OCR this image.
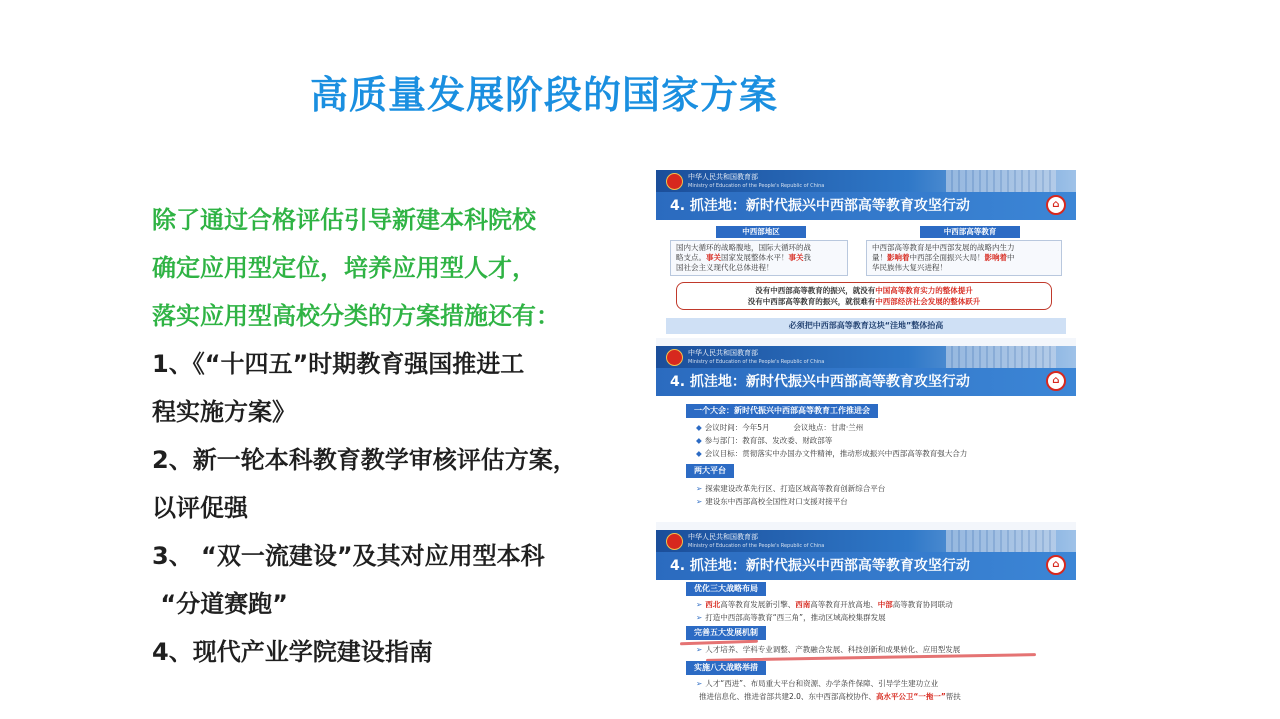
高质量发展阶段的国家方案
除了通过合格评估引导新建本科院校
确定应用型定位，培养应用型人才，
落实应用型高校分类的方案措施还有：
1、《“十四五”时期教育强国推进工
程实施方案》
2、新一轮本科教育教学审核评估方案，
以评促强
3、 “双一流建设”及其对应用型本科
“分道赛跑”
4、现代产业学院建设指南
中华人民共和国教育部
Ministry of Education of the People's Republic of China
4. 抓洼地：新时代振兴中西部高等教育攻坚行动	⌂
中西部地区
国内大循环的战略腹地，国际大循环的战
略支点。事关国家发展整体水平！事关我
国社会主义现代化总体进程！
中西部高等教育
中西部高等教育是中西部发展的战略内生力
量！影响着中西部全面振兴大局！影响着中
华民族伟大复兴进程！
没有中西部高等教育的振兴，就没有中国高等教育实力的整体提升
没有中西部高等教育的振兴，就很难有中西部经济社会发展的整体跃升
必须把中西部高等教育这块“洼地”整体抬高
中华人民共和国教育部
Ministry of Education of the People's Republic of China
4. 抓洼地：新时代振兴中西部高等教育攻坚行动	⌂
一个大会：新时代振兴中西部高等教育工作推进会
◆ 会议时间：今年5月          会议地点：甘肃·兰州
◆ 参与部门：教育部、发改委、财政部等
◆ 会议目标：贯彻落实中办国办文件精神，推动形成振兴中西部高等教育强大合力
两大平台
➢ 探索建设改革先行区、打造区域高等教育创新综合平台
➢ 建设东中西部高校全国性对口支援对接平台
中华人民共和国教育部
Ministry of Education of the People's Republic of China
4. 抓洼地：新时代振兴中西部高等教育攻坚行动	⌂
优化三大战略布局
➢ 西北高等教育发展新引擎、西南高等教育开放高地、中部高等教育协同联动
➢ 打造中西部高等教育“西三角”，推动区域高校集群发展
完善五大发展机制
➢ 人才培养、学科专业调整、产教融合发展、科技创新和成果转化、应用型发展
实施八大战略举措
➢ 人才“西进”、布局重大平台和资源、办学条件保障、引导学生建功立业
推进信息化、推进省部共建2.0、东中西部高校协作、高水平公卫“一拖一”帮扶
